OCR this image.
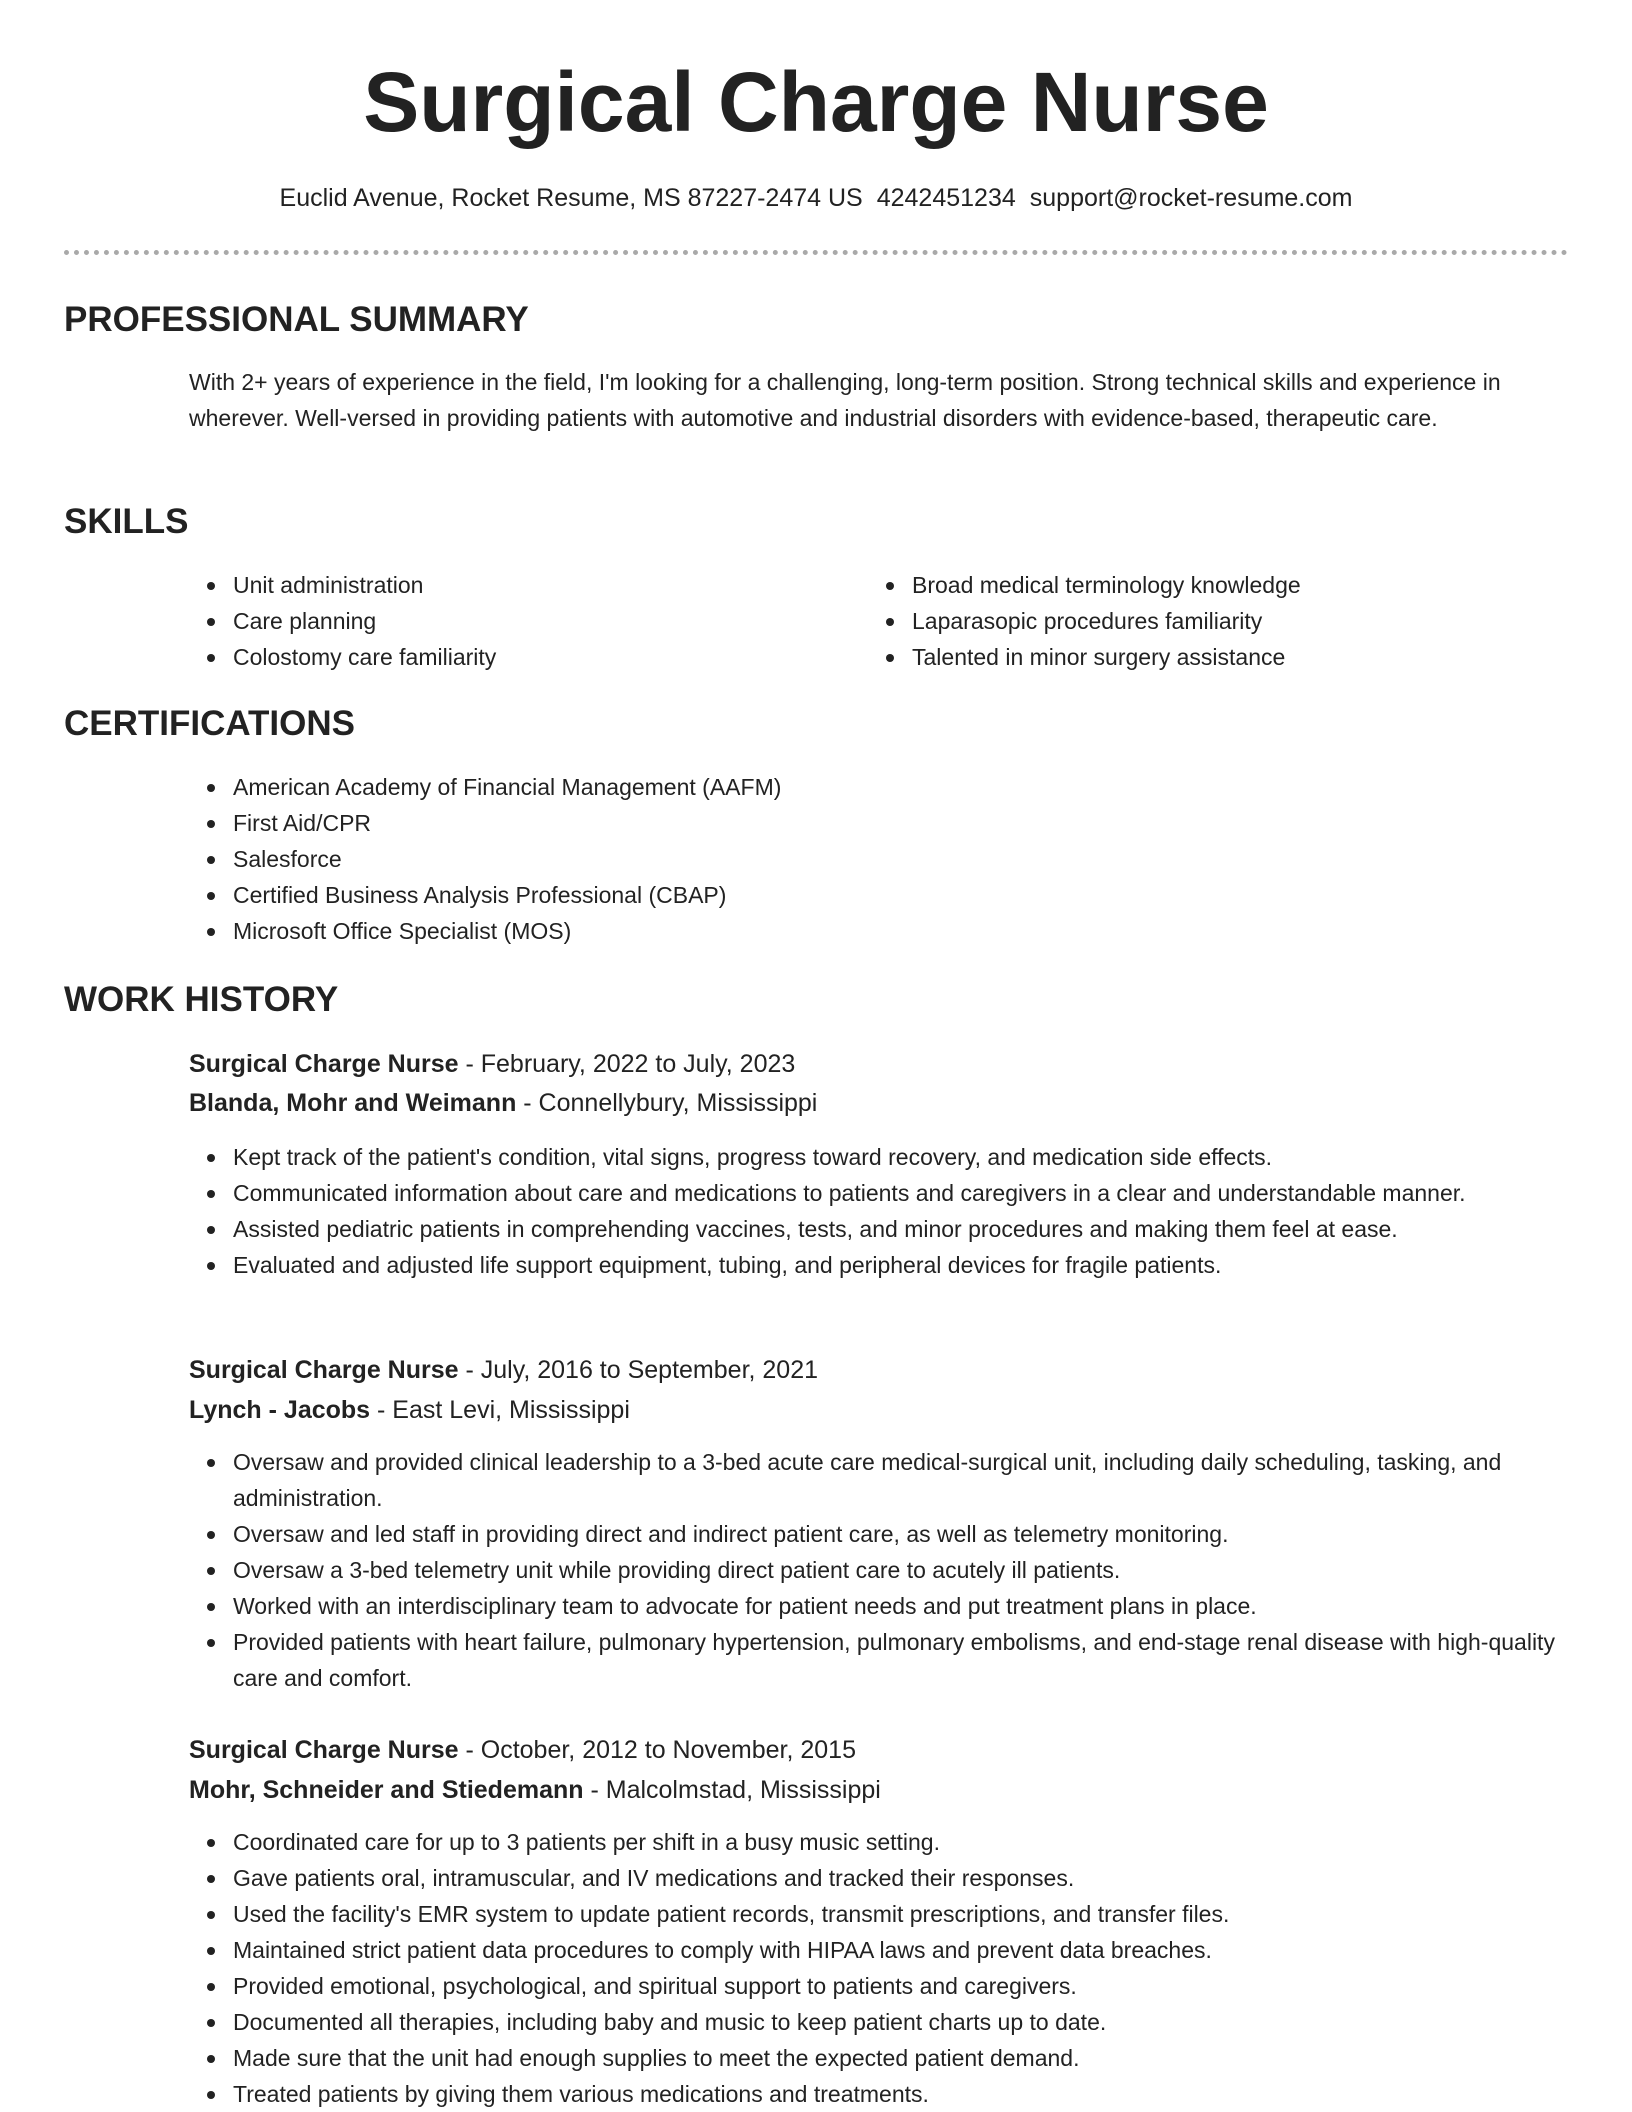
Surgical Charge Nurse
Euclid Avenue, Rocket Resume, MS 87227-2474 US 4242451234 support@rocket-resume.com
PROFESSIONAL SUMMARY

With 2+ years of experience in the field, I'm looking for a challenging, long-term position. Strong technical skills and experience in wherever. Well-versed in providing patients with automotive and industrial disorders with evidence-based, therapeutic care.

SKILLS
Unit administration
Care planning
Colostomy care familiarity
Broad medical terminology knowledge
Laparasopic procedures familiarity
Talented in minor surgery assistance
CERTIFICATIONS
American Academy of Financial Management (AAFM)
First Aid/CPR
Salesforce
Certified Business Analysis Professional (CBAP)
Microsoft Office Specialist (MOS)
WORK HISTORY

Surgical Charge Nurse - February, 2022 to July, 2023

Blanda, Mohr and Weimann - Connellybury, Mississippi

Kept track of the patient's condition, vital signs, progress toward recovery, and medication side effects.
Communicated information about care and medications to patients and caregivers in a clear and understandable manner.
Assisted pediatric patients in comprehending vaccines, tests, and minor procedures and making them feel at ease.
Evaluated and adjusted life support equipment, tubing, and peripheral devices for fragile patients.

Surgical Charge Nurse - July, 2016 to September, 2021

Lynch - Jacobs - East Levi, Mississippi

Oversaw and provided clinical leadership to a 3-bed acute care medical-surgical unit, including daily scheduling, tasking, and administration.
Oversaw and led staff in providing direct and indirect patient care, as well as telemetry monitoring.
Oversaw a 3-bed telemetry unit while providing direct patient care to acutely ill patients.
Worked with an interdisciplinary team to advocate for patient needs and put treatment plans in place.
Provided patients with heart failure, pulmonary hypertension, pulmonary embolisms, and end-stage renal disease with high-quality care and comfort.

Surgical Charge Nurse - October, 2012 to November, 2015

Mohr, Schneider and Stiedemann - Malcolmstad, Mississippi

Coordinated care for up to 3 patients per shift in a busy music setting.
Gave patients oral, intramuscular, and IV medications and tracked their responses.
Used the facility's EMR system to update patient records, transmit prescriptions, and transfer files.
Maintained strict patient data procedures to comply with HIPAA laws and prevent data breaches.
Provided emotional, psychological, and spiritual support to patients and caregivers.
Documented all therapies, including baby and music to keep patient charts up to date.
Made sure that the unit had enough supplies to meet the expected patient demand.
Treated patients by giving them various medications and treatments.
